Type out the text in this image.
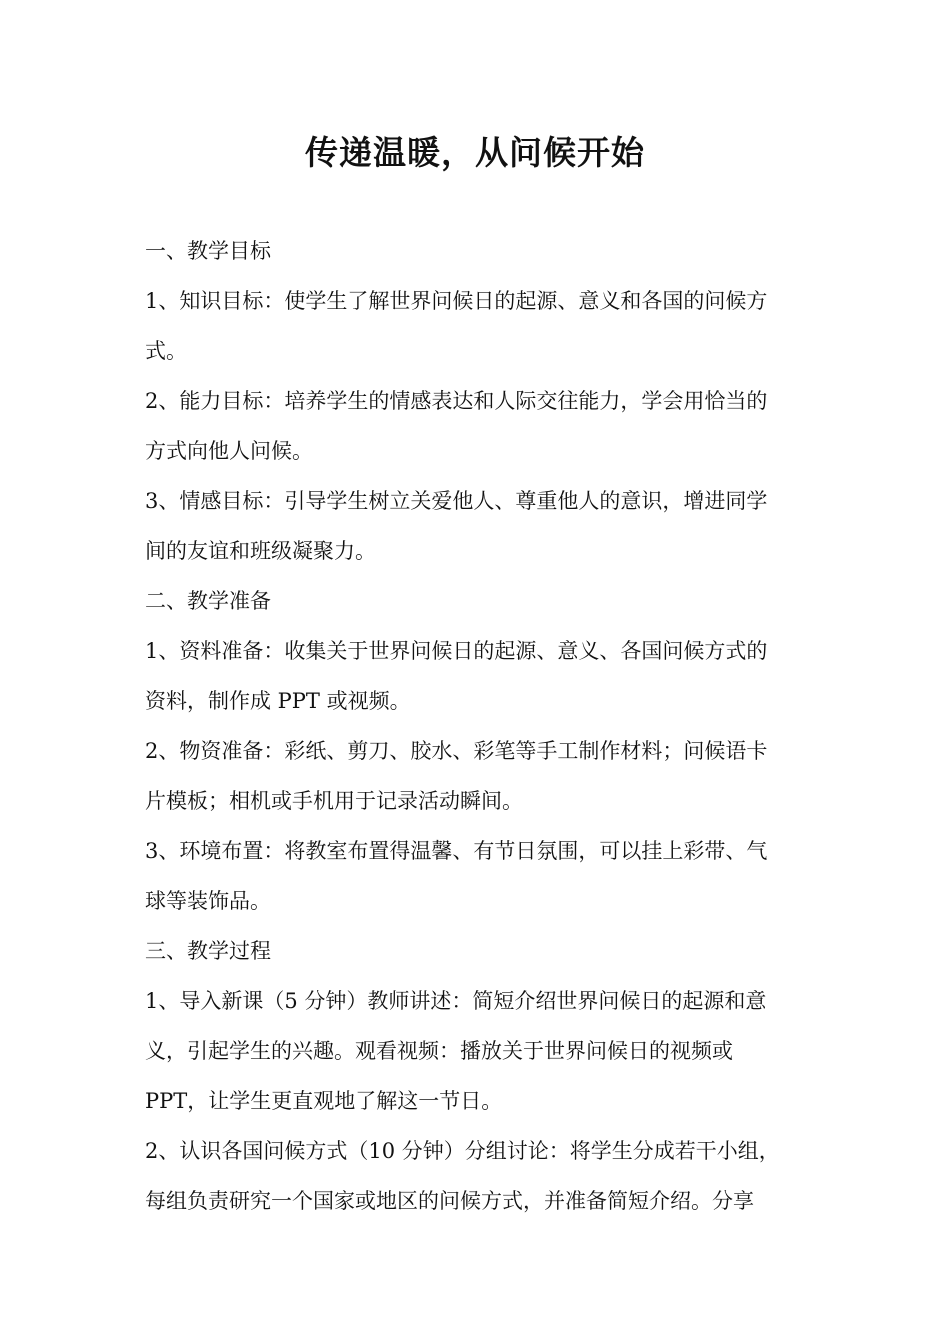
传递温暖，从问候开始

一、教学目标

1、知识目标：使学生了解世界问候日的起源、意义和各国的问候方

式。

2、能力目标：培养学生的情感表达和人际交往能力，学会用恰当的

方式向他人问候。

3、情感目标：引导学生树立关爱他人、尊重他人的意识，增进同学

间的友谊和班级凝聚力。

二、教学准备

1、资料准备：收集关于世界问候日的起源、意义、各国问候方式的

资料，制作成 PPT 或视频。

2、物资准备：彩纸、剪刀、胶水、彩笔等手工制作材料；问候语卡

片模板；相机或手机用于记录活动瞬间。

3、环境布置：将教室布置得温馨、有节日氛围，可以挂上彩带、气

球等装饰品。

三、教学过程

1、导入新课（5 分钟）教师讲述：简短介绍世界问候日的起源和意

义，引起学生的兴趣。观看视频：播放关于世界问候日的视频或

PPT，让学生更直观地了解这一节日。

2、认识各国问候方式（10 分钟）分组讨论：将学生分成若干小组，

每组负责研究一个国家或地区的问候方式，并准备简短介绍。分享
